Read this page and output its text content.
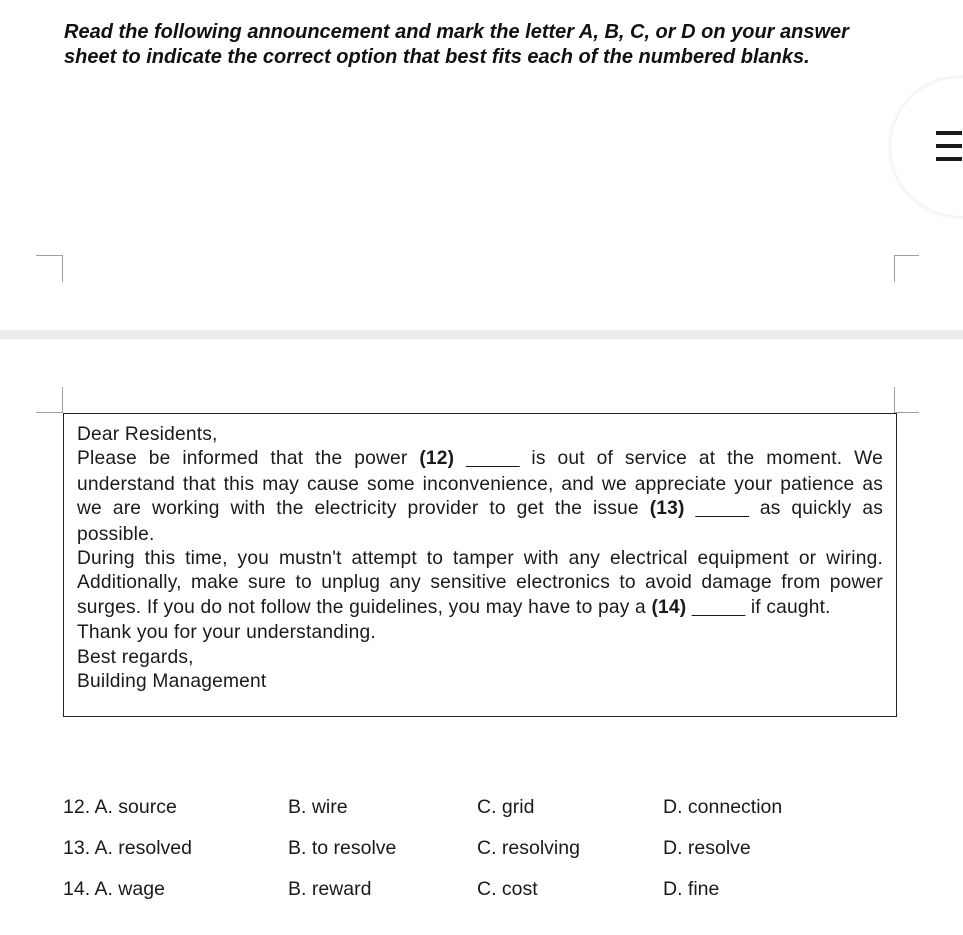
Read the following announcement and mark the letter A, B, C, or D on your answer sheet to indicate the correct option that best fits each of the numbered blanks.

Dear Residents,
Please be informed that the power (12) ______ is out of service at the moment. We understand that this may cause some inconvenience, and we appreciate your patience as we are working with the electricity provider to get the issue (13) ______ as quickly as possible.
During this time, you mustn't attempt to tamper with any electrical equipment or wiring. Additionally, make sure to unplug any sensitive electronics to avoid damage from power surges. If you do not follow the guidelines, you may have to pay a (14) ______ if caught.
Thank you for your understanding.
Best regards,
Building Management
12. A. source	B. wire	C. grid	D. connection
13. A. resolved	B. to resolve	C. resolving	D. resolve
14. A. wage	B. reward	C. cost	D. fine
